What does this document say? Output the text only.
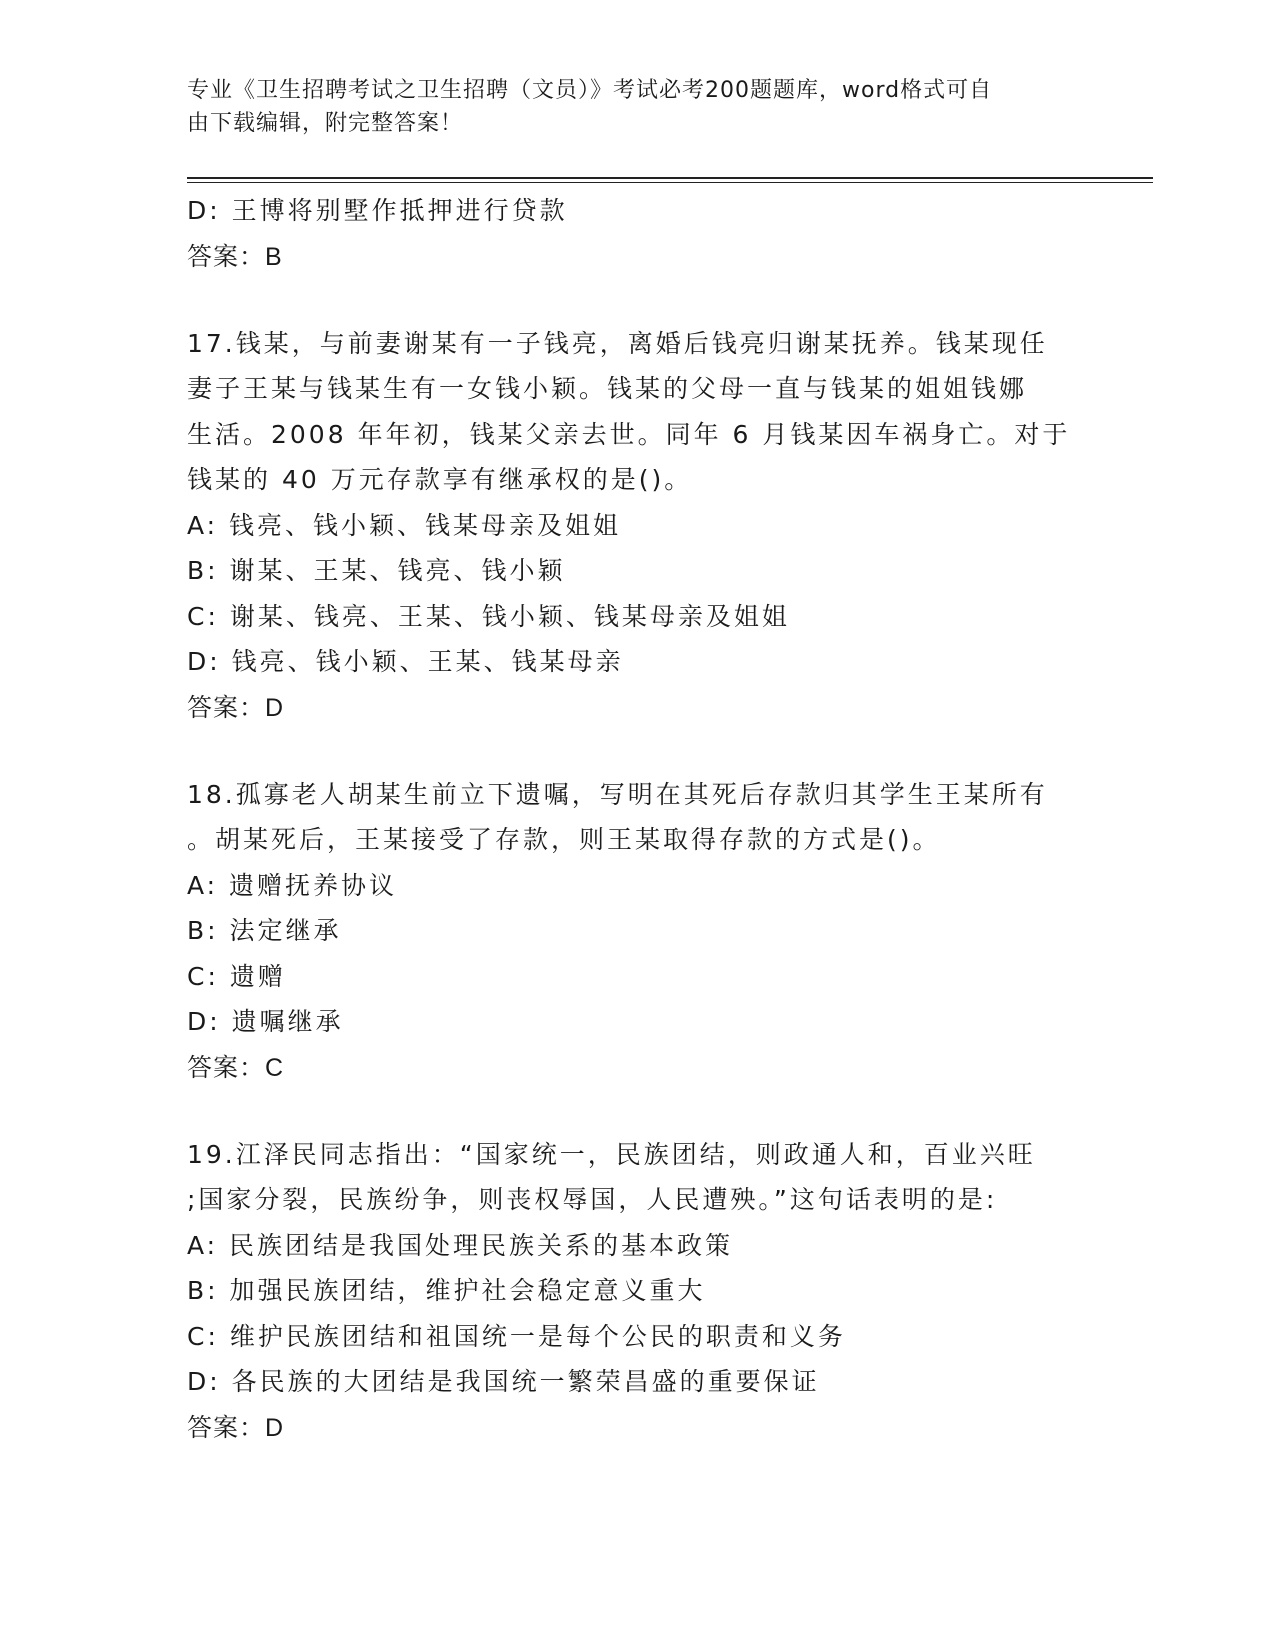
专业《卫生招聘考试之卫生招聘（文员）》考试必考200题题库，word格式可自
由下载编辑，附完整答案！
D: 王博将别墅作抵押进行贷款
答案：B
17.钱某，与前妻谢某有一子钱亮，离婚后钱亮归谢某抚养。钱某现任
妻子王某与钱某生有一女钱小颖。钱某的父母一直与钱某的姐姐钱娜
生活。2008 年年初，钱某父亲去世。同年 6 月钱某因车祸身亡。对于
钱某的 40 万元存款享有继承权的是()。
A: 钱亮、钱小颖、钱某母亲及姐姐
B: 谢某、王某、钱亮、钱小颖
C: 谢某、钱亮、王某、钱小颖、钱某母亲及姐姐
D: 钱亮、钱小颖、王某、钱某母亲
答案：D
18.孤寡老人胡某生前立下遗嘱，写明在其死后存款归其学生王某所有
。胡某死后，王某接受了存款，则王某取得存款的方式是()。
A: 遗赠抚养协议
B: 法定继承
C: 遗赠
D: 遗嘱继承
答案：C
19.江泽民同志指出：“国家统一，民族团结，则政通人和，百业兴旺
;国家分裂，民族纷争，则丧权辱国，人民遭殃。”这句话表明的是:
A: 民族团结是我国处理民族关系的基本政策
B: 加强民族团结，维护社会稳定意义重大
C: 维护民族团结和祖国统一是每个公民的职责和义务
D: 各民族的大团结是我国统一繁荣昌盛的重要保证
答案：D
